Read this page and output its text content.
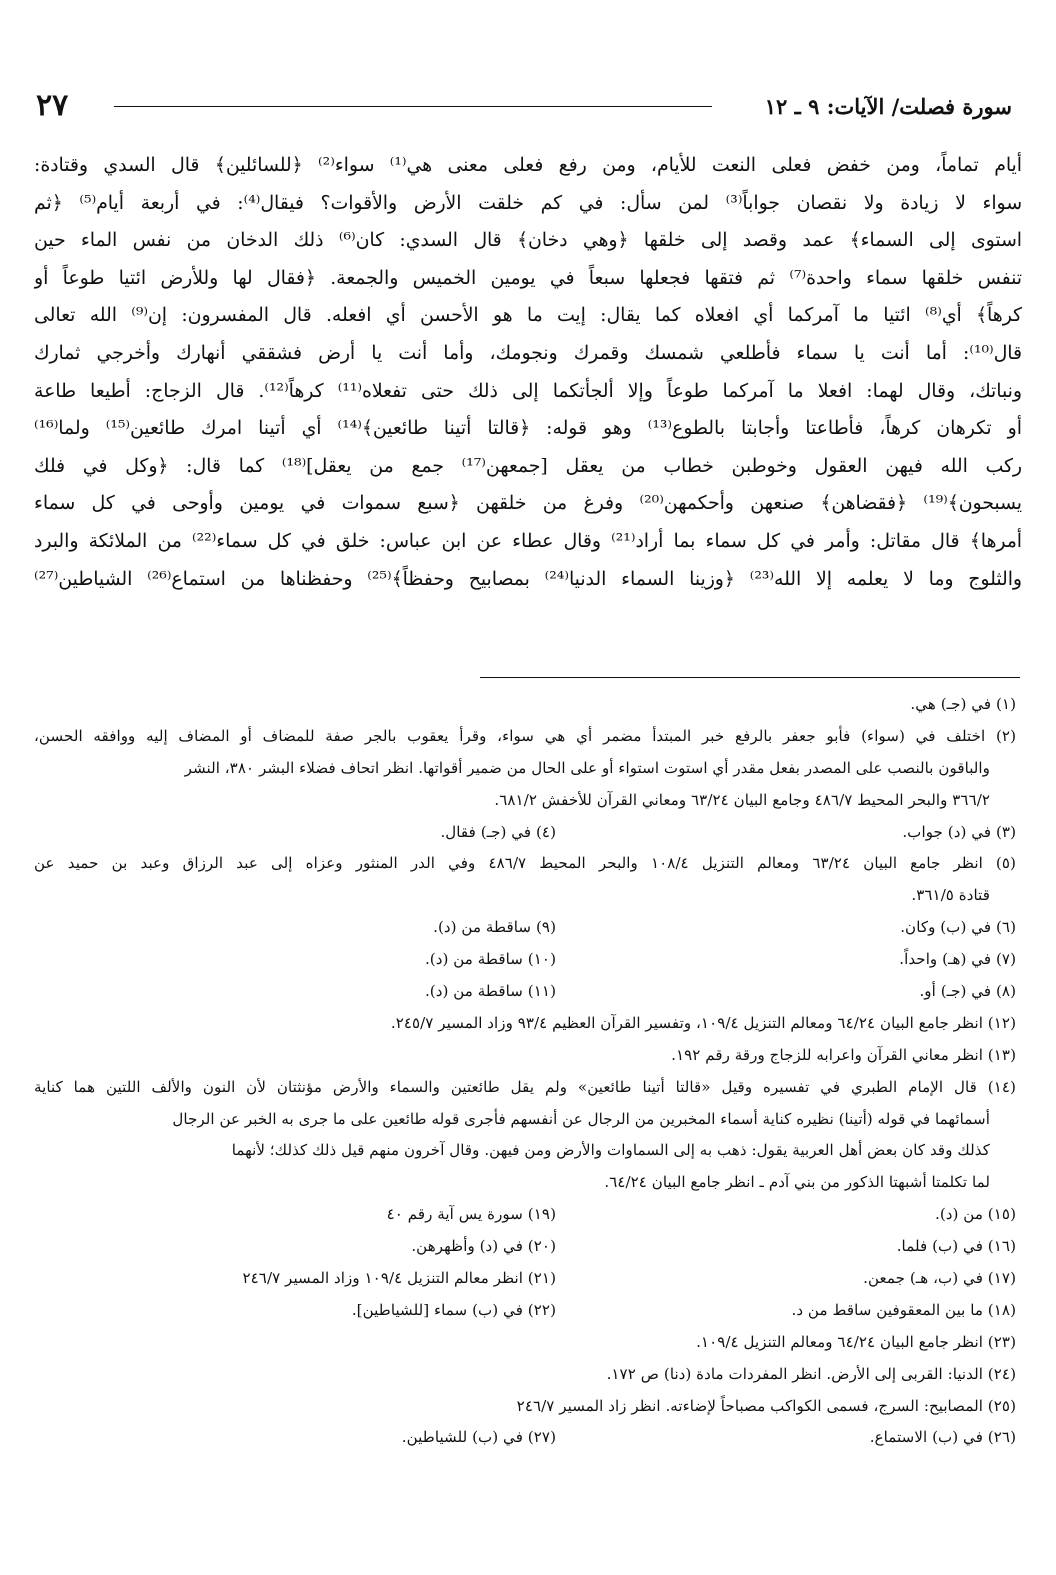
سورة فصلت/ الآيات: ٩ ـ ١٢
٢٧
أيام تماماً، ومن خفض فعلى النعت للأيام، ومن رفع فعلى معنى هي⁽¹⁾ سواء⁽²⁾ ﴿للسائلين﴾ قال السدي وقتادة:
سواء لا زيادة ولا نقصان جواباً⁽³⁾ لمن سأل: في كم خلقت الأرض والأقوات؟ فيقال⁽⁴⁾: في أربعة أيام⁽⁵⁾ ﴿ثم
استوى إلى السماء﴾ عمد وقصد إلى خلقها ﴿وهي دخان﴾ قال السدي: كان⁽⁶⁾ ذلك الدخان من نفس الماء حين
تنفس خلقها سماء واحدة⁽⁷⁾ ثم فتقها فجعلها سبعاً في يومين الخميس والجمعة. ﴿فقال لها وللأرض ائتيا طوعاً أو
كرهاً﴾ أي⁽⁸⁾ ائتيا ما آمركما أي افعلاه كما يقال: إيت ما هو الأحسن أي افعله. قال المفسرون: إن⁽⁹⁾ الله تعالى
قال⁽¹⁰⁾: أما أنت يا سماء فأطلعي شمسك وقمرك ونجومك، وأما أنت يا أرض فشققي أنهارك وأخرجي ثمارك
ونباتك، وقال لهما: افعلا ما آمركما طوعاً وإلا ألجأتكما إلى ذلك حتى تفعلاه⁽¹¹⁾ كرهاً⁽¹²⁾. قال الزجاج: أطيعا طاعة
أو تكرهان كرهاً، فأطاعتا وأجابتا بالطوع⁽¹³⁾ وهو قوله: ﴿قالتا أتينا طائعين﴾⁽¹⁴⁾ أي أتينا امرك طائعين⁽¹⁵⁾ ولما⁽¹⁶⁾
ركب الله فيهن العقول وخوطبن خطاب من يعقل [جمعهن⁽¹⁷⁾ جمع من يعقل]⁽¹⁸⁾ كما قال: ﴿وكل في فلك
يسبحون﴾⁽¹⁹⁾ ﴿فقضاهن﴾ صنعهن وأحكمهن⁽²⁰⁾ وفرغ من خلقهن ﴿سبع سموات في يومين وأوحى في كل سماء
أمرها﴾ قال مقاتل: وأمر في كل سماء بما أراد⁽²¹⁾ وقال عطاء عن ابن عباس: خلق في كل سماء⁽²²⁾ من الملائكة والبرد
والثلوج وما لا يعلمه إلا الله⁽²³⁾ ﴿وزينا السماء الدنيا⁽²⁴⁾ بمصابيح وحفظاً﴾⁽²⁵⁾ وحفظناها من استماع⁽²⁶⁾ الشياطين⁽²⁷⁾
(١) في (جـ) هي.
(٢) اختلف في (سواء) فأبو جعفر بالرفع خبر المبتدأ مضمر أي هي سواء، وقرأ يعقوب بالجر صفة للمضاف أو المضاف إليه ووافقه الحسن،
والباقون بالنصب على المصدر بفعل مقدر أي استوت استواء أو على الحال من ضمير أقواتها. انظر اتحاف فضلاء البشر ٣٨٠، النشر
٣٦٦/٢ والبحر المحيط ٤٨٦/٧ وجامع البيان ٦٣/٢٤ ومعاني القرآن للأخفش ٦٨١/٢.
(٣) في (د) جواب.
(٤) في (جـ) فقال.
(٥) انظر جامع البيان ٦٣/٢٤ ومعالم التنزيل ١٠٨/٤ والبحر المحيط ٤٨٦/٧ وفي الدر المنثور وعزاه إلى عبد الرزاق وعبد بن حميد عن
قتادة ٣٦١/٥.
(٦) في (ب) وكان.
(٩) ساقطة من (د).
(٧) في (هـ) واحداً.
(١٠) ساقطة من (د).
(٨) في (جـ) أو.
(١١) ساقطة من (د).
(١٢) انظر جامع البيان ٦٤/٢٤ ومعالم التنزيل ١٠٩/٤، وتفسير القرآن العظيم ٩٣/٤ وزاد المسير ٢٤٥/٧.
(١٣) انظر معاني القرآن واعرابه للزجاج ورقة رقم ١٩٢.
(١٤) قال الإمام الطبري في تفسيره وقيل «قالتا أتينا طائعين» ولم يقل طائعتين والسماء والأرض مؤنثتان لأن النون والألف اللتين هما كناية
أسمائهما في قوله (أتينا) نظيره كناية أسماء المخبرين من الرجال عن أنفسهم فأجرى قوله طائعين على ما جرى به الخبر عن الرجال
كذلك وقد كان بعض أهل العربية يقول: ذهب به إلى السماوات والأرض ومن فيهن. وقال آخرون منهم قيل ذلك كذلك؛ لأنهما
لما تكلمتا أشبهتا الذكور من بني آدم ـ انظر جامع البيان ٦٤/٢٤.
(١٥) من (د).
(١٩) سورة يس آية رقم ٤٠
(١٦) في (ب) فلما.
(٢٠) في (د) وأظهرهن.
(١٧) في (ب، هـ) جمعن.
(٢١) انظر معالم التنزيل ١٠٩/٤ وزاد المسير ٢٤٦/٧
(١٨) ما بين المعقوفين ساقط من د.
(٢٢) في (ب) سماء [للشياطين].
(٢٣) انظر جامع البيان ٦٤/٢٤ ومعالم التنزيل ١٠٩/٤.
(٢٤) الدنيا: القربى إلى الأرض. انظر المفردات مادة (دنا) ص ١٧٢.
(٢٥) المصابيح: السرج، فسمى الكواكب مصباحاً لإضاءته. انظر زاد المسير ٢٤٦/٧
(٢٦) في (ب) الاستماع.
(٢٧) في (ب) للشياطين.
